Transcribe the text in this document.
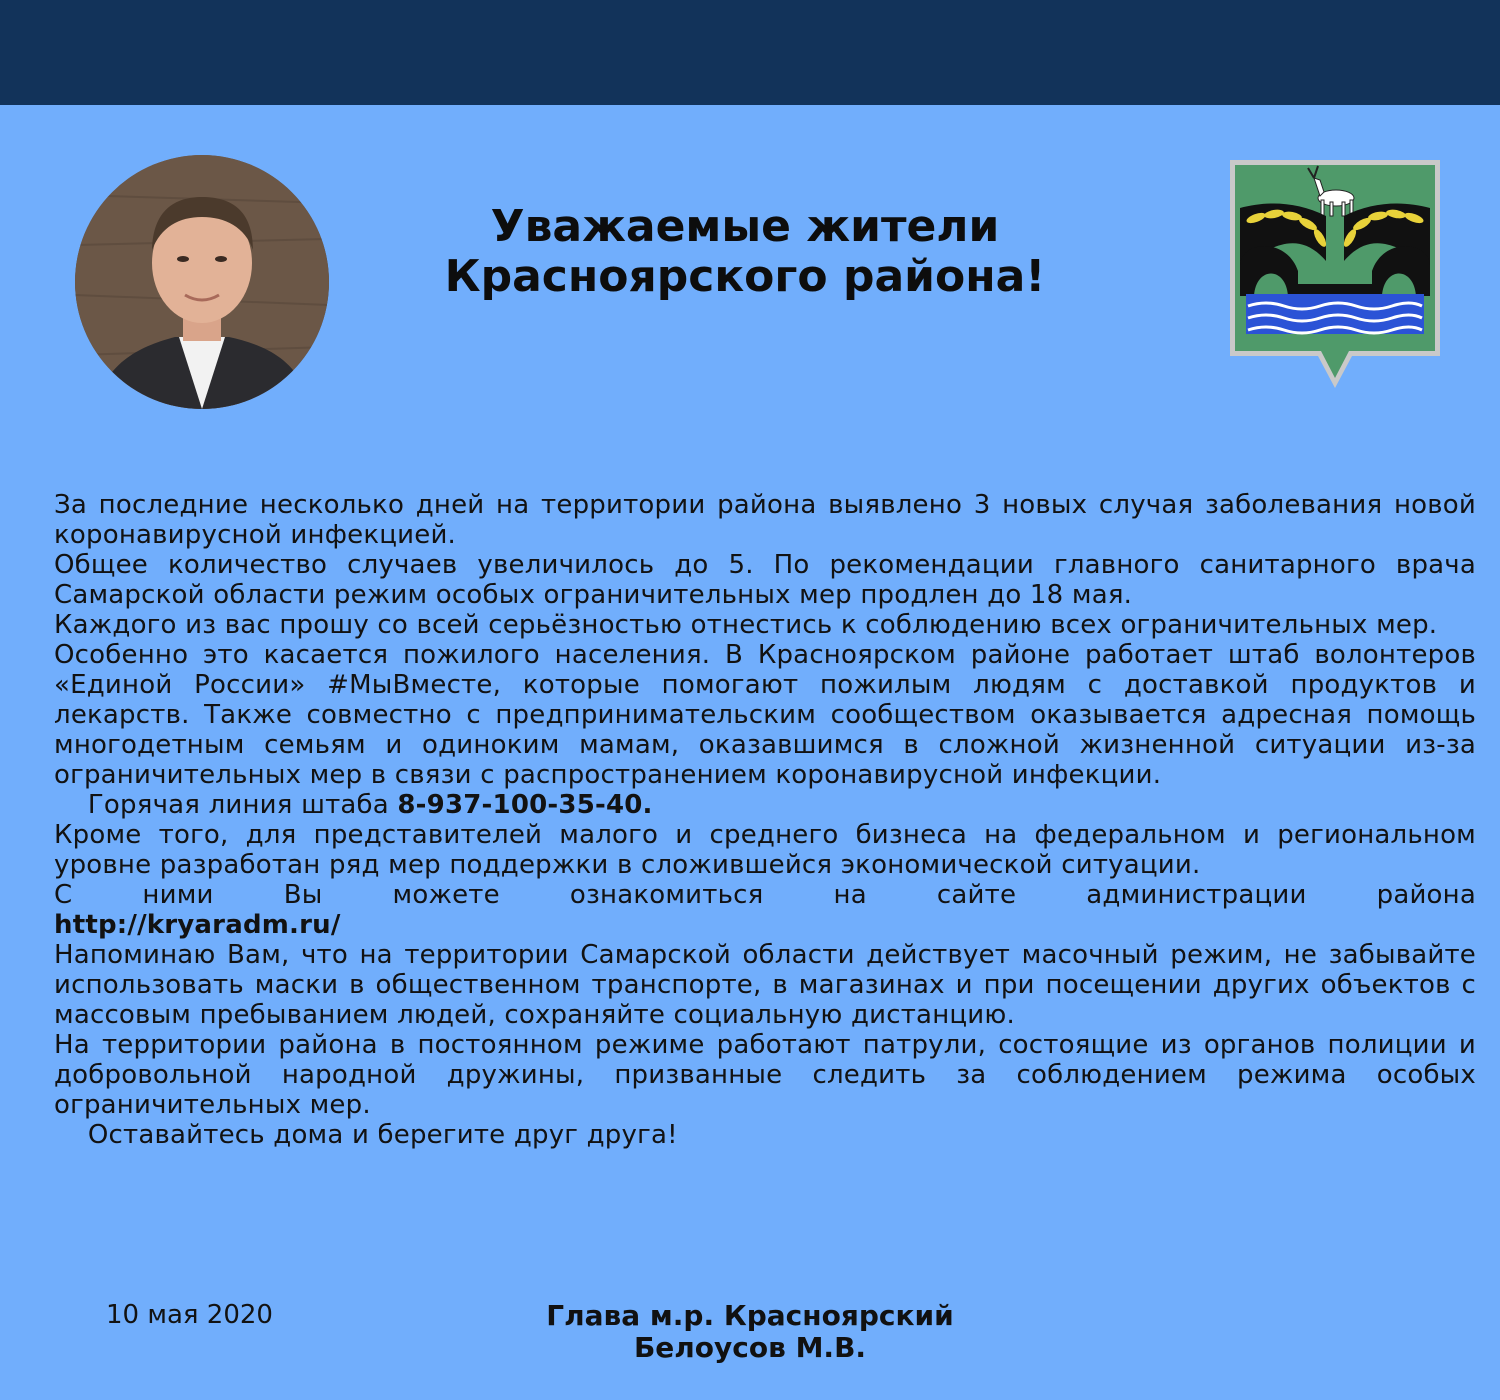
Уважаемые жители
Красноярского района!

За последние несколько дней на территории района выявлено 3 новых случая заболевания новой коронавирусной инфекцией.

Общее количество случаев увеличилось до 5. По рекомендации главного санитарного врача Самарской области режим особых ограничительных мер продлен до 18 мая.

Каждого из вас прошу со всей серьёзностью отнестись к соблюдению всех ограничительных мер.

Особенно это касается пожилого населения. В Красноярском районе работает штаб волонтеров «Единой России» #МыВместе, которые помогают пожилым людям с доставкой продуктов и лекарств. Также совместно с предпринимательским сообществом оказывается адресная помощь многодетным семьям и одиноким мамам, оказавшимся в сложной жизненной ситуации из-за ограничительных мер в связи с распространением коронавирусной инфекции.

Горячая линия штаба 8-937-100-35-40.

Кроме того, для представителей малого и среднего бизнеса на федеральном и региональном уровне разработан ряд мер поддержки в сложившейся экономической ситуации.

С ними Вы можете ознакомиться на сайте администрации района

http://kryaradm.ru/

Напоминаю Вам, что на территории Самарской области действует масочный режим, не забывайте использовать маски в общественном транспорте, в магазинах и при посещении других объектов с массовым пребыванием людей, сохраняйте социальную дистанцию.

На территории района в постоянном режиме работают патрули, состоящие из органов полиции и добровольной народной дружины, призванные следить за соблюдением режима особых ограничительных мер.

Оставайтесь дома и берегите друг друга!

10 мая 2020	Глава м.р. Красноярский
Белоусов М.В.
